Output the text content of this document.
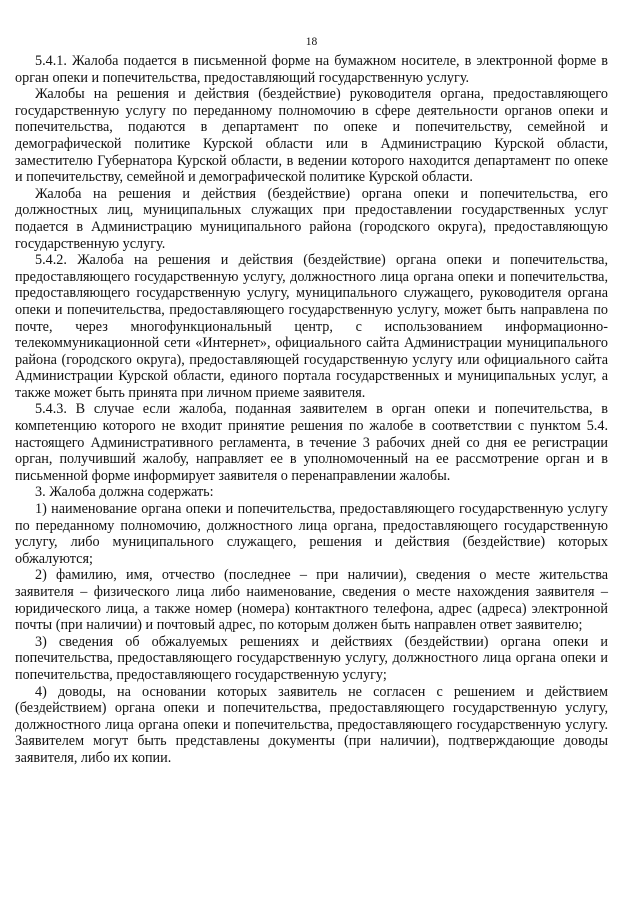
18

5.4.1. Жалоба подается в письменной форме на бумажном носителе, в электронной форме в орган опеки и попечительства, предоставляющий государственную услугу.

Жалобы на решения и действия (бездействие) руководителя органа, предоставляющего государственную услугу по переданному полномочию в сфере деятельности органов опеки и попечительства, подаются в департамент по опеке и попечительству, семейной и демографической политике Курской области или в Администрацию Курской области, заместителю Губернатора Курской области, в ведении которого находится департамент по опеке и попечительству, семейной и демографической политике Курской области.

Жалоба на решения и действия (бездействие) органа опеки и попечительства, его должностных лиц, муниципальных служащих при предоставлении государственных услуг подается в Администрацию муниципального района (городского округа), предоставляющую государственную услугу.

5.4.2. Жалоба на решения и действия (бездействие) органа опеки и попечительства, предоставляющего государственную услугу, должностного лица органа опеки и попечительства, предоставляющего государственную услугу, муниципального служащего, руководителя органа опеки и попечительства, предоставляющего государственную услугу, может быть направлена по почте, через многофункциональный центр, с использованием информационно-телекоммуникационной сети «Интернет», официального сайта Администрации муниципального района (городского округа), предоставляющей государственную услугу или официального сайта Администрации Курской области, единого портала государственных и муниципальных услуг, а также может быть принята при личном приеме заявителя.

5.4.3. В случае если жалоба, поданная заявителем в орган опеки и попечительства, в компетенцию которого не входит принятие решения по жалобе в соответствии с пунктом 5.4. настоящего Административного регламента, в течение 3 рабочих дней со дня ее регистрации орган, получивший жалобу, направляет ее в уполномоченный на ее рассмотрение орган и в письменной форме информирует заявителя о перенаправлении жалобы.

3. Жалоба должна содержать:

1) наименование органа опеки и попечительства, предоставляющего государственную услугу по переданному полномочию, должностного лица органа, предоставляющего государственную услугу, либо муниципального служащего, решения и действия (бездействие) которых обжалуются;

2) фамилию, имя, отчество (последнее – при наличии), сведения о месте жительства заявителя – физического лица либо наименование, сведения о месте нахождения заявителя – юридического лица, а также номер (номера) контактного телефона, адрес (адреса) электронной почты (при наличии) и почтовый адрес, по которым должен быть направлен ответ заявителю;

3) сведения об обжалуемых решениях и действиях (бездействии) органа опеки и попечительства, предоставляющего государственную услугу, должностного лица органа опеки и попечительства, предоставляющего государственную услугу;

4) доводы, на основании которых заявитель не согласен с решением и действием (бездействием) органа опеки и попечительства, предоставляющего государственную услугу, должностного лица органа опеки и попечительства, предоставляющего государственную услугу. Заявителем могут быть представлены документы (при наличии), подтверждающие доводы заявителя, либо их копии.
